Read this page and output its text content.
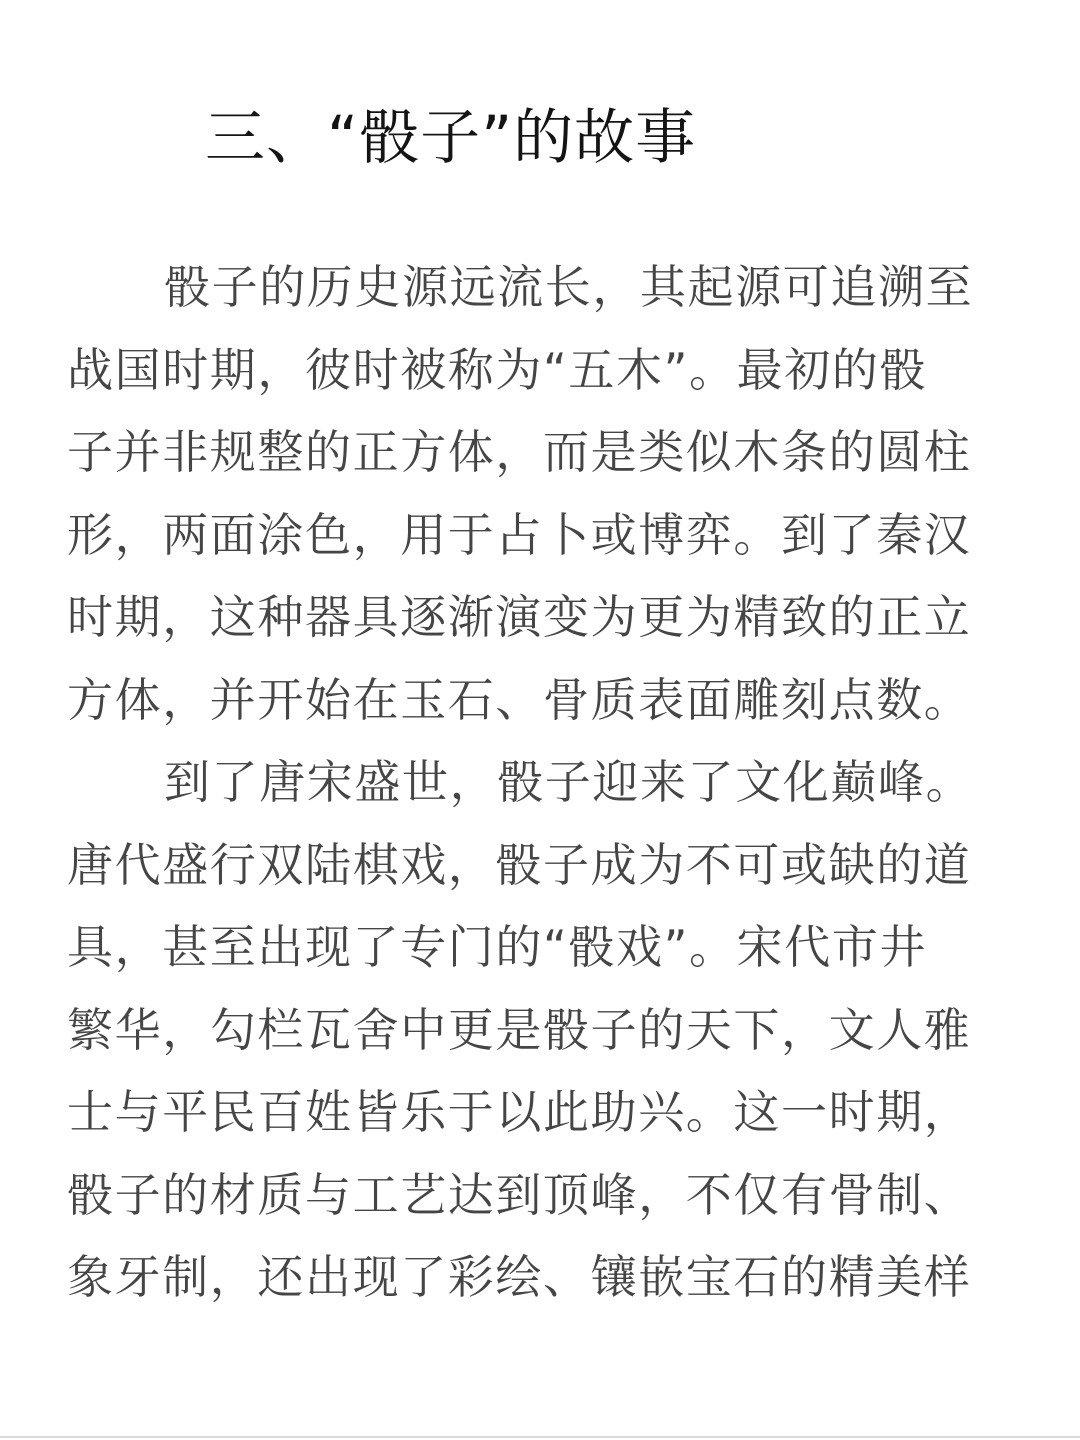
三、“骰子”的故事
骰子的历史源远流长，其起源可追溯至
战国时期，彼时被称为“五木”。最初的骰
子并非规整的正方体，而是类似木条的圆柱
形，两面涂色，用于占卜或博弈。到了秦汉
时期，这种器具逐渐演变为更为精致的正立
方体，并开始在玉石、骨质表面雕刻点数。
到了唐宋盛世，骰子迎来了文化巅峰。
唐代盛行双陆棋戏，骰子成为不可或缺的道
具，甚至出现了专门的“骰戏”。宋代市井
繁华，勾栏瓦舍中更是骰子的天下，文人雅
士与平民百姓皆乐于以此助兴。这一时期，
骰子的材质与工艺达到顶峰，不仅有骨制、
象牙制，还出现了彩绘、镶嵌宝石的精美样
